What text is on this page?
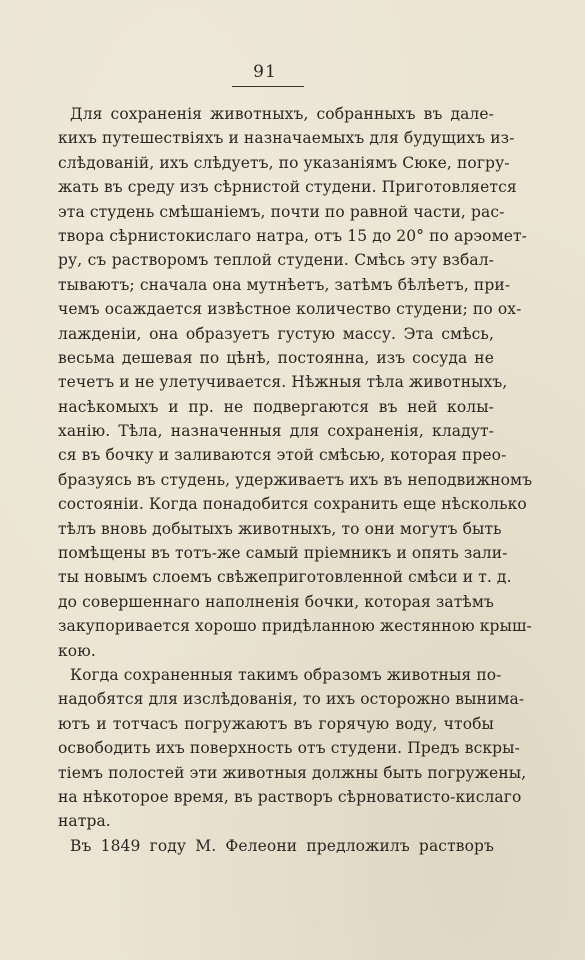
91
Для сохраненія животныхъ, собранныхъ въ дале-
кихъ путешествіяхъ и назначаемыхъ для будущихъ из-
слѣдованій, ихъ слѣдуетъ, по указаніямъ Сюке, погру-
жать въ среду изъ сѣрнистой студени. Приготовляется
эта студень смѣшаніемъ, почти по равной части, рас-
твора сѣрнистокислаго натра, отъ 15 до 20° по арэомет-
ру, съ растворомъ теплой студени. Смѣсь эту взбал-
тываютъ; сначала она мутнѣетъ, затѣмъ бѣлѣетъ, при-
чемъ осаждается извѣстное количество студени; по ох-
лажденіи, она образуетъ густую массу. Эта смѣсь,
весьма дешевая по цѣнѣ, постоянна, изъ сосуда не
течетъ и не улетучивается. Нѣжныя тѣла животныхъ,
насѣкомыхъ и пр. не подвергаются въ ней колы-
ханію. Тѣла, назначенныя для сохраненія, кладут-
ся въ бочку и заливаются этой смѣсью, которая прео-
бразуясь въ студень, удерживаетъ ихъ въ неподвижномъ
состояніи. Когда понадобится сохранить еще нѣсколько
тѣлъ вновь добытыхъ животныхъ, то они могутъ быть
помѣщены въ тотъ-же самый пріемникъ и опять зали-
ты новымъ слоемъ свѣжеприготовленной смѣси и т. д.
до совершеннаго наполненія бочки, которая затѣмъ
закупоривается хорошо придѣланною жестянною крыш-
кою.
Когда сохраненныя такимъ образомъ животныя по-
надобятся для изслѣдованія, то ихъ осторожно вынима-
ютъ и тотчасъ погружаютъ въ горячую воду, чтобы
освободить ихъ поверхность отъ студени. Предъ вскры-
тіемъ полостей эти животныя должны быть погружены,
на нѣкоторое время, въ растворъ сѣрноватисто-кислаго
натра.
Въ 1849 году М. Фелеони предложилъ растворъ
